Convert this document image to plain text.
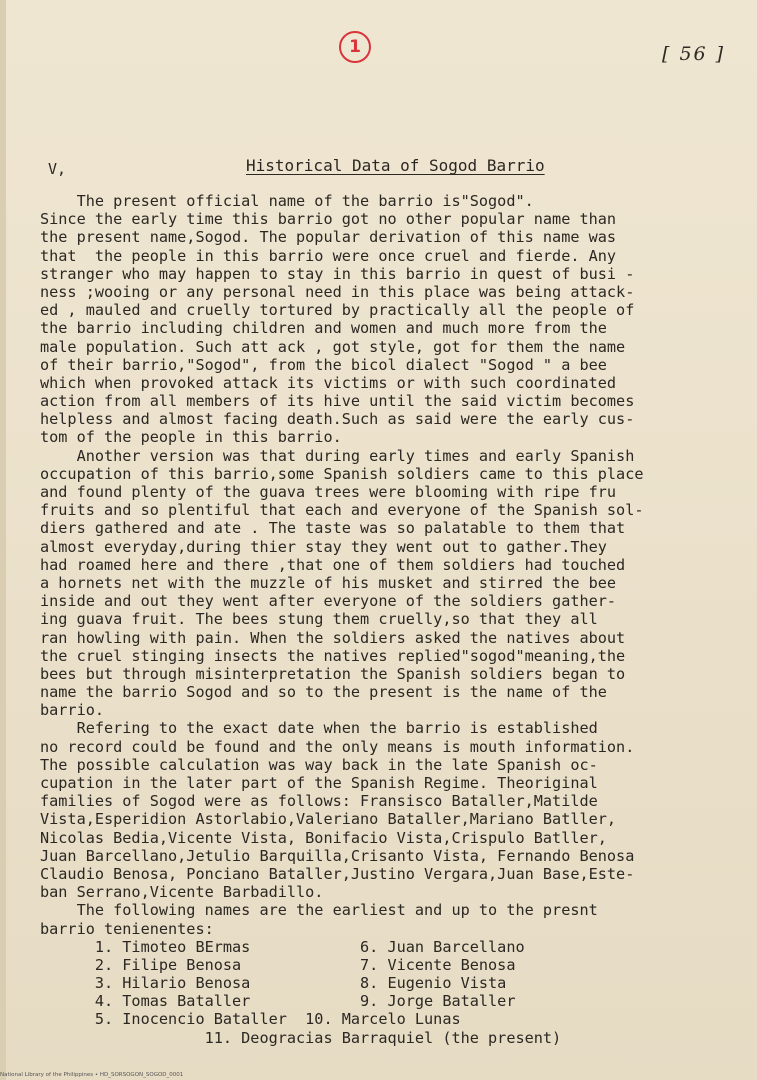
1	[ 56 ]
V,	Historical Data of Sogod Barrio
The present official name of the barrio is"Sogod".
Since the early time this barrio got no other popular name than
the present name,Sogod. The popular derivation of this name was
that  the people in this barrio were once cruel and fierde. Any
stranger who may happen to stay in this barrio in quest of busi -
ness ;wooing or any personal need in this place was being attack-
ed , mauled and cruelly tortured by practically all the people of
the barrio including children and women and much more from the
male population. Such att ack , got style, got for them the name
of their barrio,"Sogod", from the bicol dialect "Sogod " a bee
which when provoked attack its victims or with such coordinated
action from all members of its hive until the said victim becomes
helpless and almost facing death.Such as said were the early cus-
tom of the people in this barrio.
Another version was that during early times and early Spanish
occupation of this barrio,some Spanish soldiers came to this place
and found plenty of the guava trees were blooming with ripe fru
fruits and so plentiful that each and everyone of the Spanish sol-
diers gathered and ate . The taste was so palatable to them that
almost everyday,during thier stay they went out to gather.They
had roamed here and there ,that one of them soldiers had touched
a hornets net with the muzzle of his musket and stirred the bee
inside and out they went after everyone of the soldiers gather-
ing guava fruit. The bees stung them cruelly,so that they all
ran howling with pain. When the soldiers asked the natives about
the cruel stinging insects the natives replied"sogod"meaning,the
bees but through misinterpretation the Spanish soldiers began to
name the barrio Sogod and so to the present is the name of the
barrio.
Refering to the exact date when the barrio is established
no record could be found and the only means is mouth information.
The possible calculation was way back in the late Spanish oc-
cupation in the later part of the Spanish Regime. Theoriginal
families of Sogod were as follows: Fransisco Bataller,Matilde
Vista,Esperidion Astorlabio,Valeriano Bataller,Mariano Batller,
Nicolas Bedia,Vicente Vista, Bonifacio Vista,Crispulo Batller,
Juan Barcellano,Jetulio Barquilla,Crisanto Vista, Fernando Benosa
Claudio Benosa, Ponciano Bataller,Justino Vergara,Juan Base,Este-
ban Serrano,Vicente Barbadillo.
The following names are the earliest and up to the presnt
barrio tenienentes:
1. Timoteo BErmas            6. Juan Barcellano
2. Filipe Benosa             7. Vicente Benosa
3. Hilario Benosa            8. Eugenio Vista
4. Tomas Bataller            9. Jorge Bataller
5. Inocencio Bataller  10. Marcelo Lunas
11. Deogracias Barraquiel (the present)
National Library of the Philippines • HD_SORSOGON_SOGOD_0001
